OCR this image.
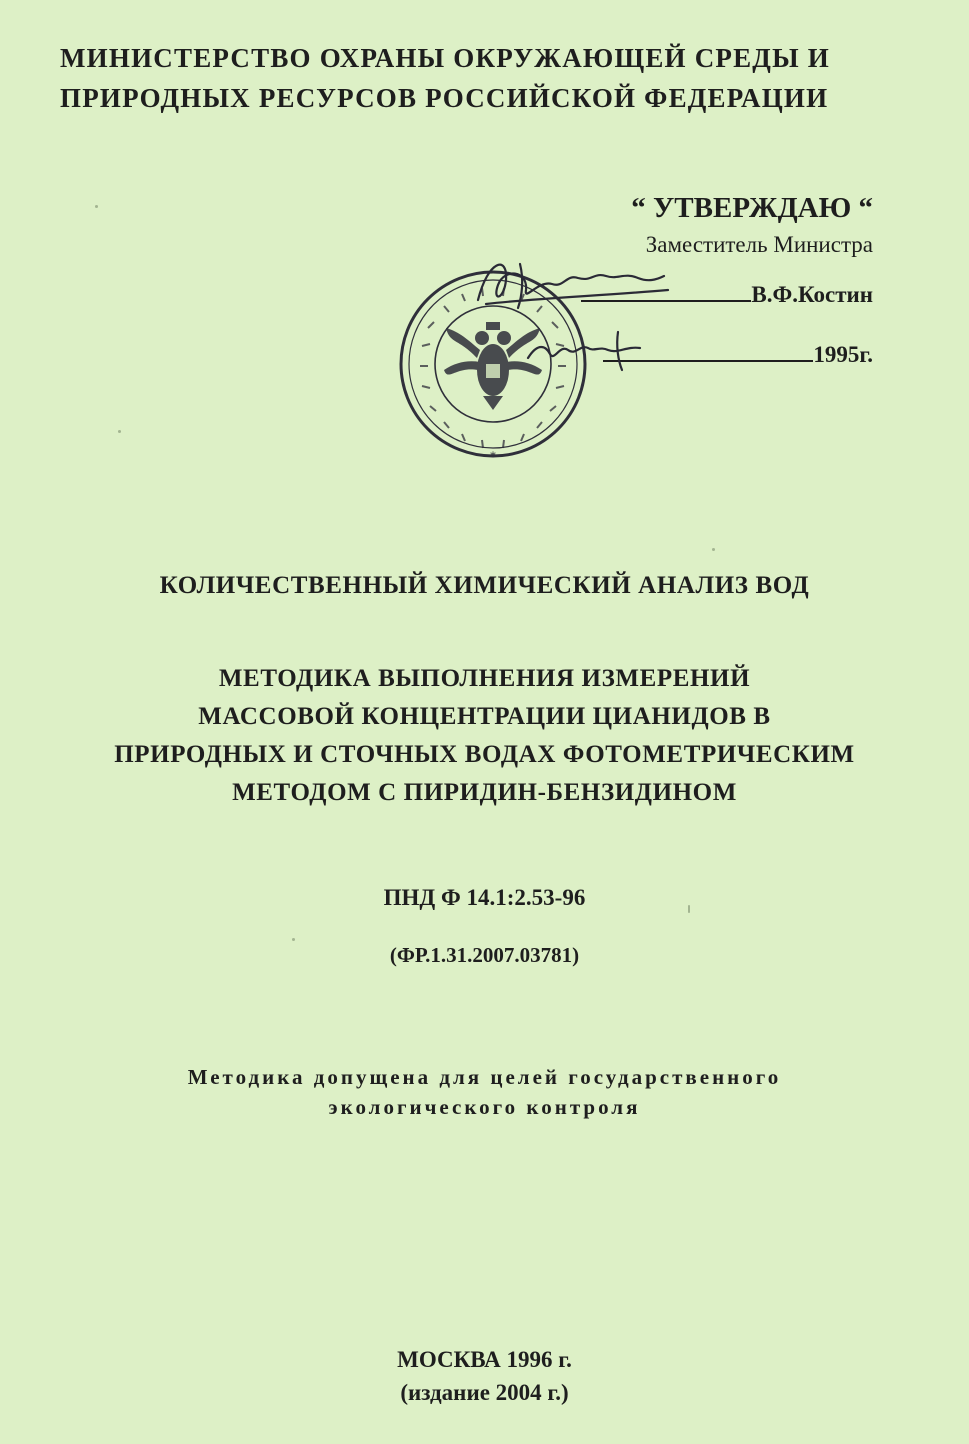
МИНИСТЕРСТВО ОХРАНЫ ОКРУЖАЮЩЕЙ СРЕДЫ И
ПРИРОДНЫХ РЕСУРСОВ РОССИЙСКОЙ ФЕДЕРАЦИИ
“ УТВЕРЖДАЮ “
Заместитель Министра
В.Ф.Костин
1995г.
*
КОЛИЧЕСТВЕННЫЙ ХИМИЧЕСКИЙ АНАЛИЗ ВОД
МЕТОДИКА ВЫПОЛНЕНИЯ ИЗМЕРЕНИЙ
МАССОВОЙ КОНЦЕНТРАЦИИ ЦИАНИДОВ В
ПРИРОДНЫХ И СТОЧНЫХ ВОДАХ ФОТОМЕТРИЧЕСКИМ
МЕТОДОМ С ПИРИДИН-БЕНЗИДИНОМ
ПНД Ф 14.1:2.53-96
(ФР.1.31.2007.03781)
Методика допущена для целей государственного
экологического контроля
МОСКВА 1996 г.
(издание 2004 г.)
